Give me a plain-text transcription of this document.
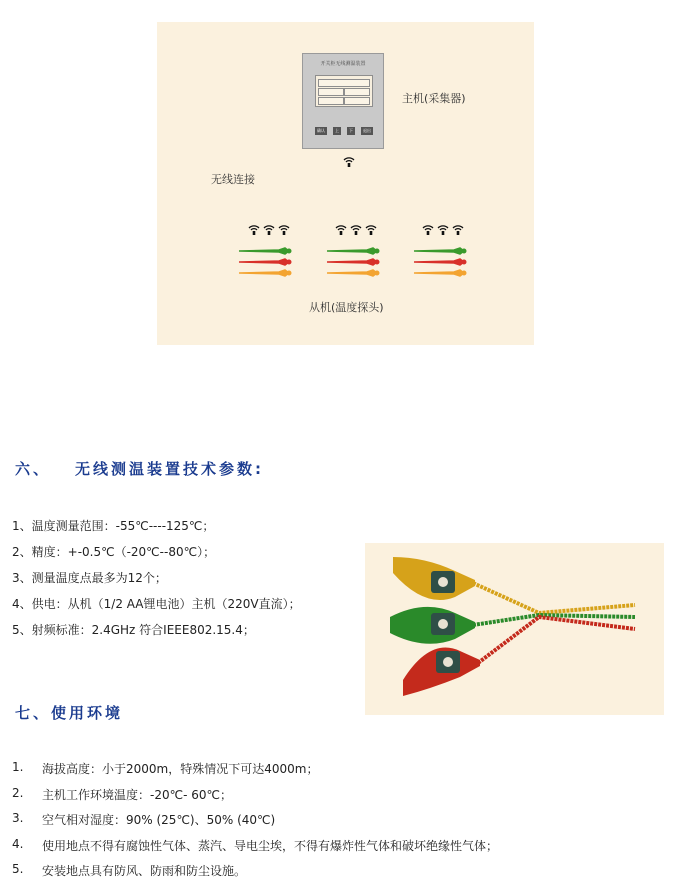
开关柜无线测温装置
确认	上	下	退出
主机(采集器)
无线连接
从机(温度探头)
六、 无线测温装置技术参数:
1、温度测量范围：-55℃----125℃；
2、精度：+-0.5℃（-20℃--80℃）；
3、测量温度点最多为12个；
4、供电：从机（1/2 AA锂电池）主机（220V直流）；
5、射频标准：2.4GHz 符合IEEE802.15.4；
七、使用环境
1. 海拔高度：小于2000m，特殊情况下可达4000m；
2. 主机工作环境温度：-20℃- 60℃；
3. 空气相对湿度：90% (25℃)、50% (40℃)
4. 使用地点不得有腐蚀性气体、蒸汽、导电尘埃，不得有爆炸性气体和破坏绝缘性气体；
5. 安装地点具有防风、防雨和防尘设施。
